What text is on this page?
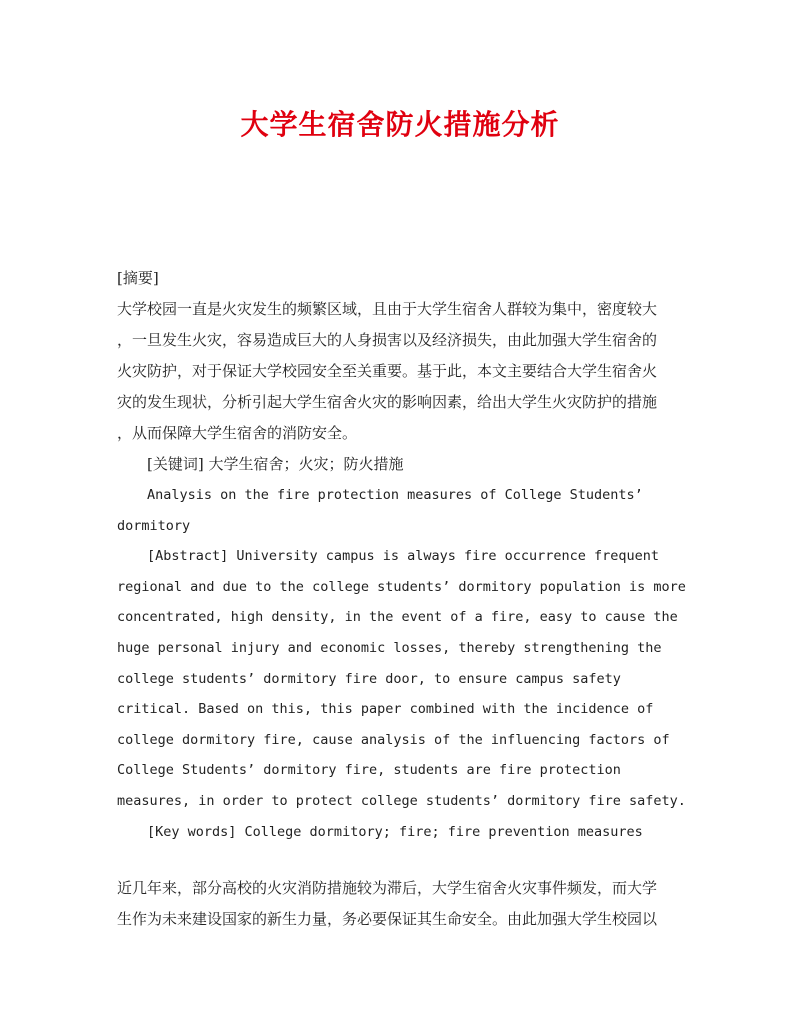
大学生宿舍防火措施分析
[摘要]
大学校园一直是火灾发生的频繁区域，且由于大学生宿舍人群较为集中，密度较大
，一旦发生火灾，容易造成巨大的人身损害以及经济损失，由此加强大学生宿舍的
火灾防护，对于保证大学校园安全至关重要。基于此，本文主要结合大学生宿舍火
灾的发生现状，分析引起大学生宿舍火灾的影响因素，给出大学生火灾防护的措施
，从而保障大学生宿舍的消防安全。
[关键词] 大学生宿舍；火灾；防火措施
Analysis on the fire protection measures of College Students’
dormitory
[Abstract] University campus is always fire occurrence frequent
regional and due to the college students’ dormitory population is more
concentrated, high density, in the event of a fire, easy to cause the
huge personal injury and economic losses, thereby strengthening the
college students’ dormitory fire door, to ensure campus safety
critical. Based on this, this paper combined with the incidence of
college dormitory fire, cause analysis of the influencing factors of
College Students’ dormitory fire, students are fire protection
measures, in order to protect college students’ dormitory fire safety.
[Key words] College dormitory; fire; fire prevention measures
近几年来，部分高校的火灾消防措施较为滞后，大学生宿舍火灾事件频发，而大学
生作为未来建设国家的新生力量，务必要保证其生命安全。由此加强大学生校园以
